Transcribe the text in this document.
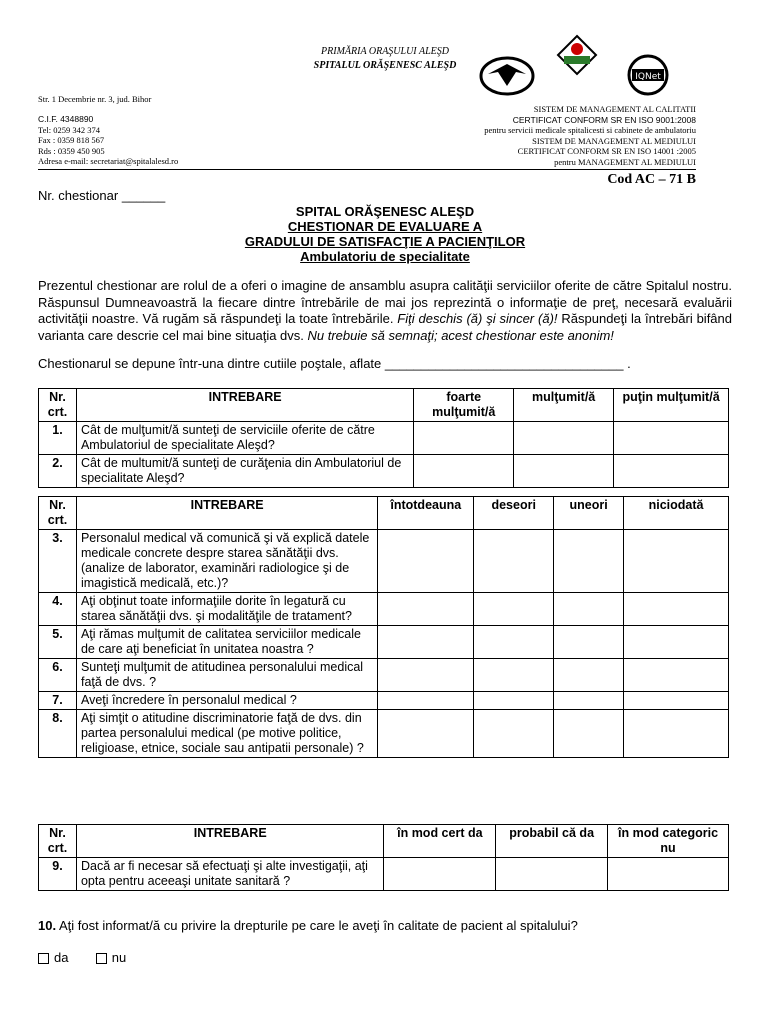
PRIMĂRIA ORAŞULUI ALEŞD
SPITALUL ORĂŞENESC ALEŞD
IQNet
Str. 1 Decembrie nr. 3, jud. Bihor
C.I.F. 4348890
Tel: 0259 342 374
Fax : 0359 818 567
Rds : 0359 450 905
Adresa e-mail: secretariat@spitalalesd.ro
SISTEM DE MANAGEMENT AL CALITATII
CERTIFICAT CONFORM SR EN ISO 9001:2008
pentru servicii medicale spitalicesti si cabinete de ambulatoriu
SISTEM DE MANAGEMENT AL MEDIULUI
CERTIFICAT CONFORM SR EN ISO 14001 :2005
pentru MANAGEMENT AL MEDIULUI
Cod AC – 71 B
Nr. chestionar ______
SPITAL ORĂŞENESC ALEŞD
CHESTIONAR DE EVALUARE A
GRADULUI DE SATISFACŢIE A PACIENŢILOR
Ambulatoriu de specialitate
Prezentul chestionar are rolul de a oferi o imagine de ansamblu asupra calităţii serviciilor oferite de către Spitalul nostru. Răspunsul Dumneavoastră la fiecare dintre întrebările de mai jos reprezintă o informaţie de preţ, necesară evaluării activităţii noastre. Vă rugăm să răspundeţi la toate întrebările. Fiţi deschis (ă) şi sincer (ă)! Răspundeţi la întrebări bifând varianta care descrie cel mai bine situaţia dvs. Nu trebuie să semnaţi; acest chestionar este anonim!
Chestionarul se depune într-una dintre cutiile poştale, aflate _________________________________ .
Nr. crt.	INTREBARE	foarte mulţumit/ă	mulţumit/ă	puţin mulţumit/ă
1.	Cât de mulţumit/ă sunteţi de serviciile oferite de către Ambulatoriul de specialitate Aleşd?			
2.	Cât de multumit/ă sunteţi de curăţenia din Ambulatoriul de specialitate Aleşd?			
Nr. crt.	INTREBARE	întotdeauna	deseori	uneori	niciodată
3.	Personalul medical vă comunică şi vă explică datele medicale concrete despre starea sănătăţii dvs. (analize de laborator, examinări radiologice şi de imagistică medicală, etc.)?				
4.	Aţi obţinut toate informaţiile dorite în legatură cu starea sănătăţii dvs. şi modalităţile de tratament?				
5.	Aţi rămas mulţumit de calitatea serviciilor medicale de care aţi beneficiat în unitatea noastra ?				
6.	Sunteţi mulţumit de atitudinea personalului medical faţă de dvs. ?				
7.	Aveţi încredere în personalul medical ?				
8.	Aţi simţit o atitudine discriminatorie faţă de dvs. din partea personalului medical (pe motive politice, religioase, etnice, sociale sau antipatii personale) ?				
Nr. crt.	INTREBARE	în mod cert da	probabil că da	în mod categoric nu
9.	Dacă ar fi necesar să efectuaţi şi alte investigaţii, aţi opta pentru aceeaşi unitate sanitară ?			
10. Aţi fost informat/ă cu privire la drepturile pe care le aveţi în calitate de pacient al spitalului?
da	nu
